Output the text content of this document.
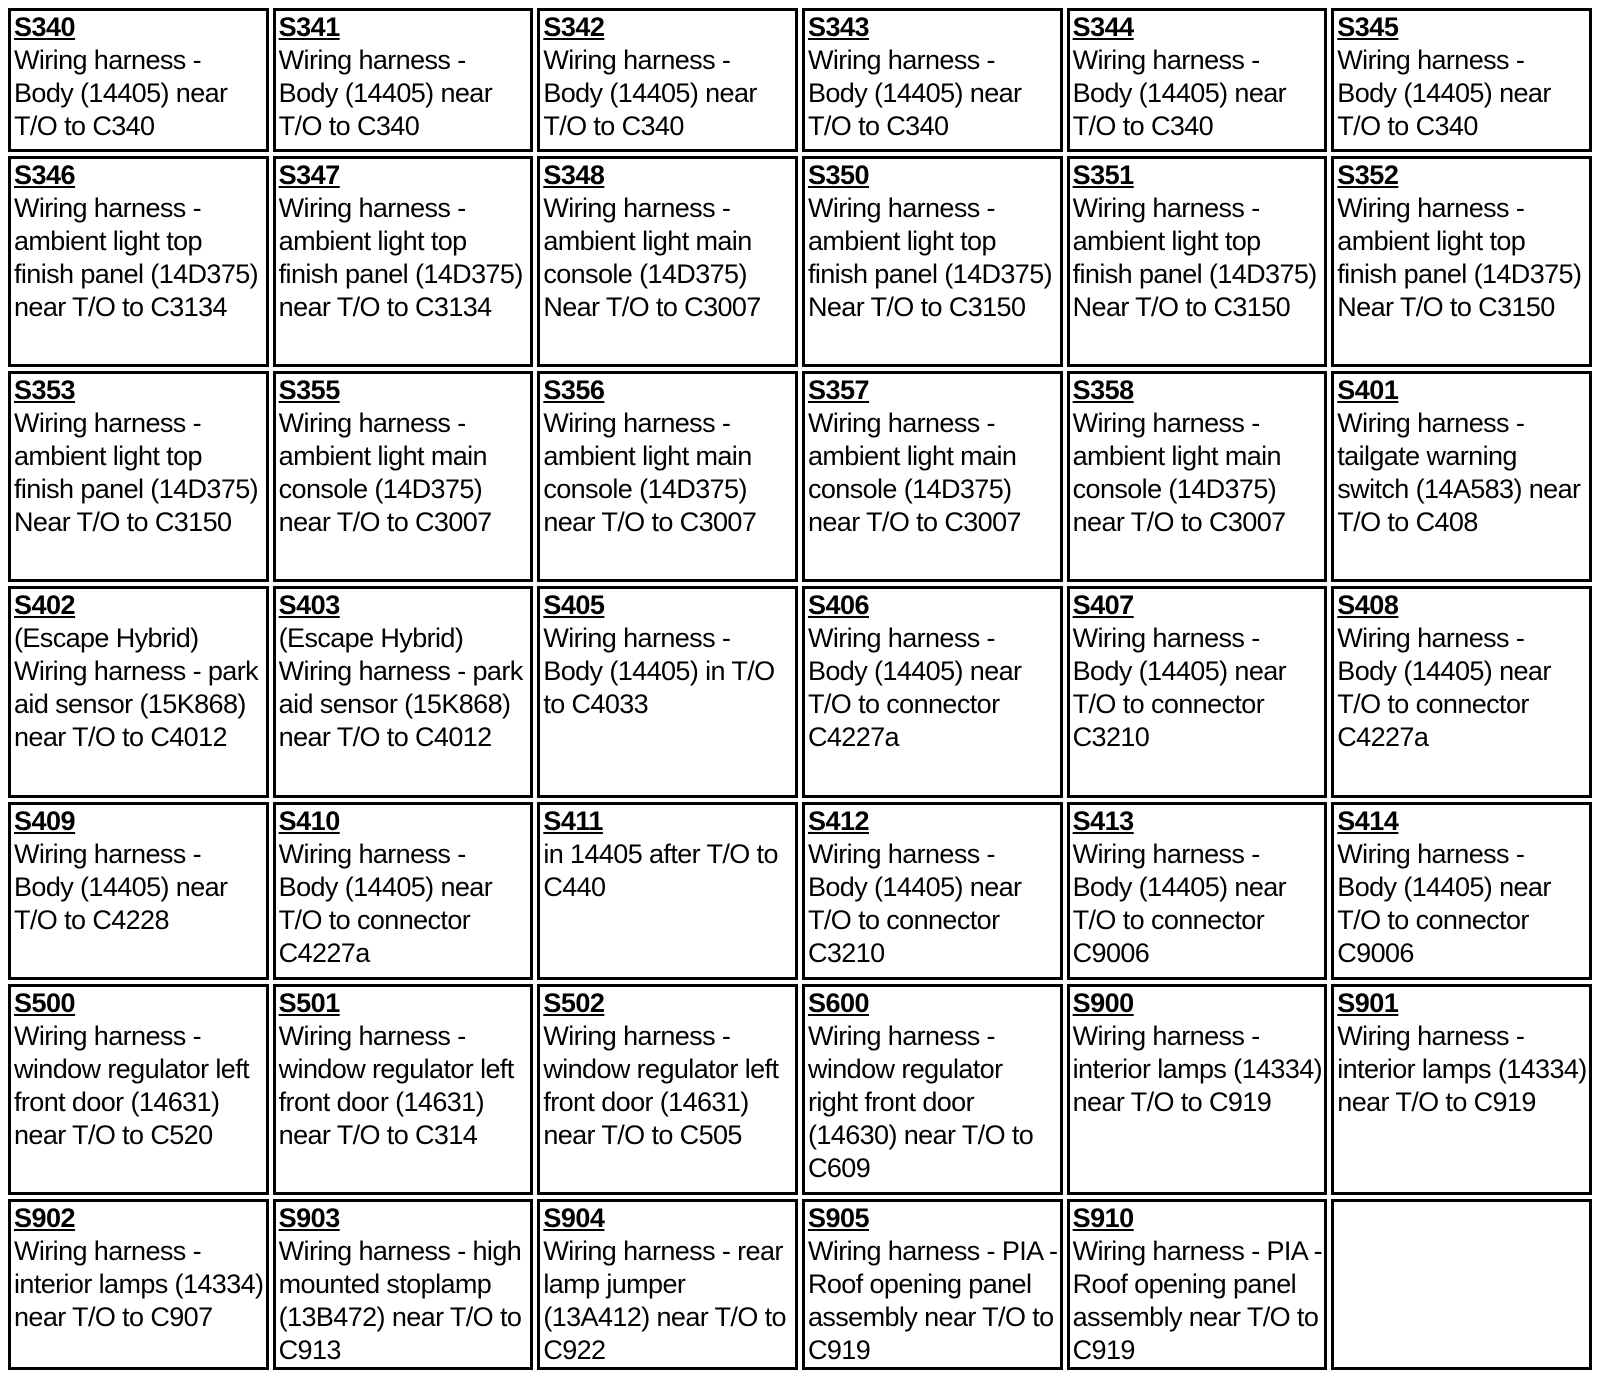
S340
Wiring harness - Body (14405) near T/O to C340	S341
Wiring harness - Body (14405) near T/O to C340	S342
Wiring harness - Body (14405) near T/O to C340	S343
Wiring harness - Body (14405) near T/O to C340	S344
Wiring harness - Body (14405) near T/O to C340	S345
Wiring harness - Body (14405) near T/O to C340

S346
Wiring harness - ambient light top finish panel (14D375) near T/O to C3134	S347
Wiring harness - ambient light top finish panel (14D375) near T/O to C3134	S348
Wiring harness - ambient light main console (14D375) Near T/O to C3007	S350
Wiring harness - ambient light top finish panel (14D375) Near T/O to C3150	S351
Wiring harness - ambient light top finish panel (14D375) Near T/O to C3150	S352
Wiring harness - ambient light top finish panel (14D375) Near T/O to C3150

S353
Wiring harness - ambient light top finish panel (14D375) Near T/O to C3150	S355
Wiring harness - ambient light main console (14D375) near T/O to C3007	S356
Wiring harness - ambient light main console (14D375) near T/O to C3007	S357
Wiring harness - ambient light main console (14D375) near T/O to C3007	S358
Wiring harness - ambient light main console (14D375) near T/O to C3007	S401
Wiring harness - tailgate warning switch (14A583) near T/O to C408

S402
(Escape Hybrid) Wiring harness - park aid sensor (15K868) near T/O to C4012	S403
(Escape Hybrid) Wiring harness - park aid sensor (15K868) near T/O to C4012	S405
Wiring harness - Body (14405) in T/O to C4033	S406
Wiring harness - Body (14405) near T/O to connector C4227a	S407
Wiring harness - Body (14405) near T/O to connector C3210	S408
Wiring harness - Body (14405) near T/O to connector C4227a

S409
Wiring harness - Body (14405) near T/O to C4228	S410
Wiring harness - Body (14405) near T/O to connector C4227a	S411
in 14405 after T/O to C440	S412
Wiring harness - Body (14405) near T/O to connector C3210	S413
Wiring harness - Body (14405) near T/O to connector C9006	S414
Wiring harness - Body (14405) near T/O to connector C9006

S500
Wiring harness - window regulator left front door (14631) near T/O to C520	S501
Wiring harness - window regulator left front door (14631) near T/O to C314	S502
Wiring harness - window regulator left front door (14631) near T/O to C505	S600
Wiring harness - window regulator right front door (14630) near T/O to C609	S900
Wiring harness - interior lamps (14334) near T/O to C919	S901
Wiring harness - interior lamps (14334) near T/O to C919

S902
Wiring harness - interior lamps (14334) near T/O to C907	S903
Wiring harness - high mounted stoplamp (13B472) near T/O to C913	S904
Wiring harness - rear lamp jumper (13A412) near T/O to C922	S905
Wiring harness - PIA - Roof opening panel assembly near T/O to C919	S910
Wiring harness - PIA - Roof opening panel assembly near T/O to C919	
